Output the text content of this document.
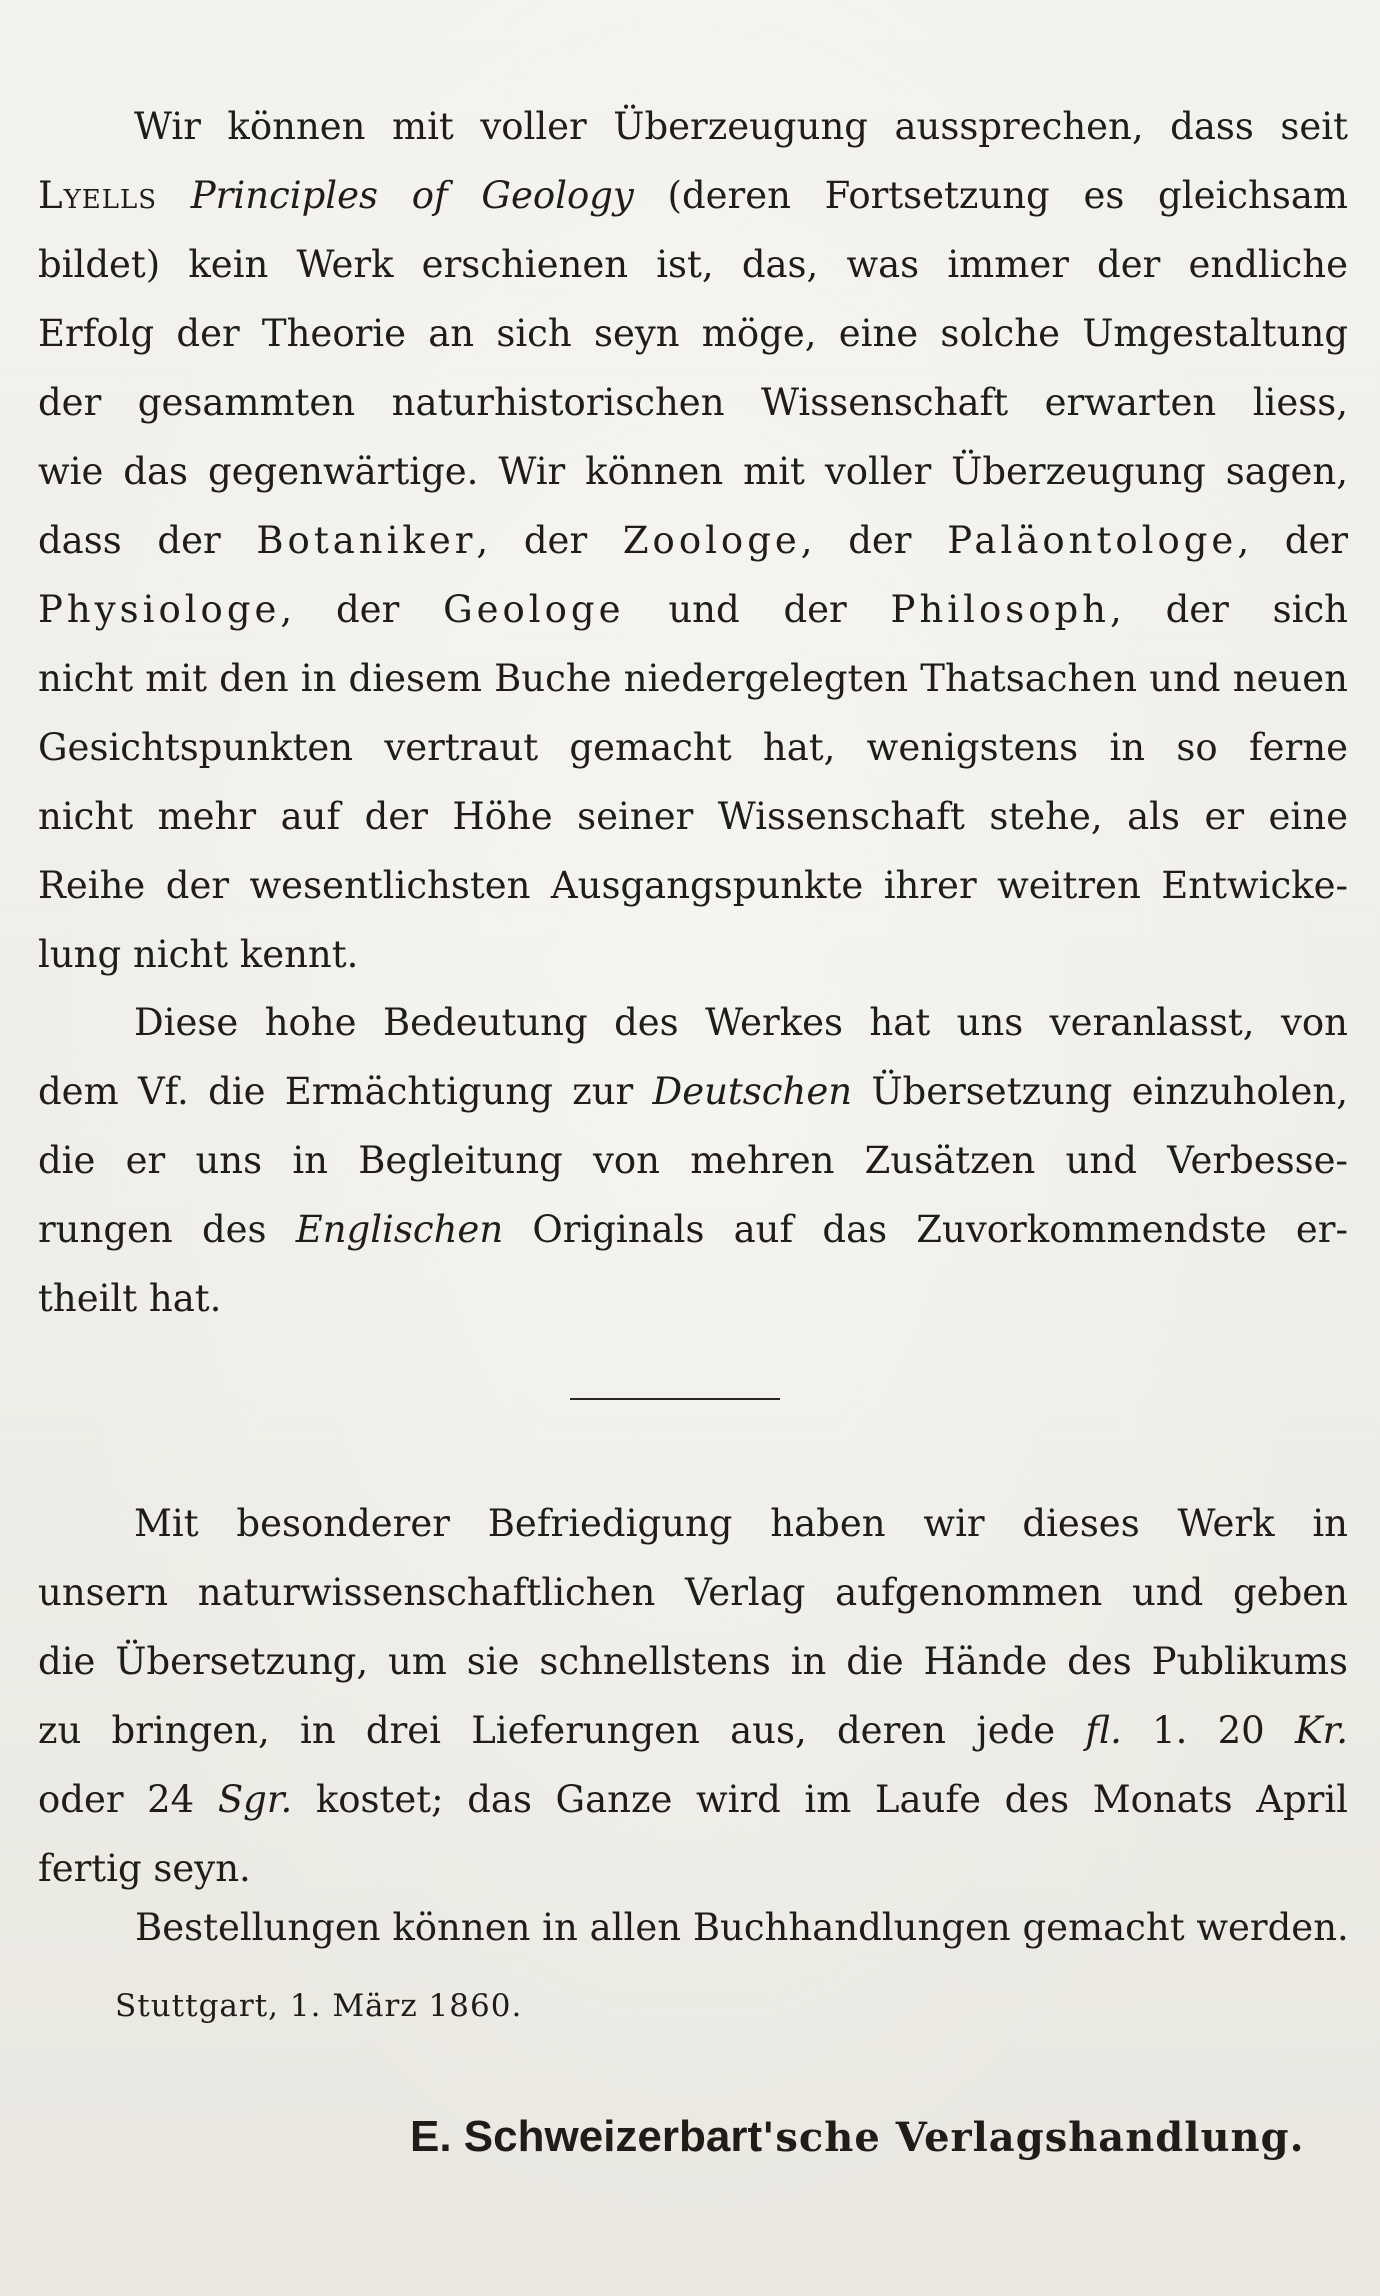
Wir können mit voller Überzeugung aussprechen, dass seit
Lyells Principles of Geology (deren Fortsetzung es gleichsam
bildet) kein Werk erschienen ist, das, was immer der endliche
Erfolg der Theorie an sich seyn möge, eine solche Umgestaltung
der gesammten naturhistorischen Wissenschaft erwarten liess,
wie das gegenwärtige. Wir können mit voller Überzeugung sagen,
dass der Botaniker, der Zoologe, der Paläontologe, der
Physiologe, der Geologe und der Philosoph, der sich
nicht mit den in diesem Buche niedergelegten Thatsachen und neuen
Gesichtspunkten vertraut gemacht hat, wenigstens in so ferne
nicht mehr auf der Höhe seiner Wissenschaft stehe, als er eine
Reihe der wesentlichsten Ausgangspunkte ihrer weitren Entwicke-
lung nicht kennt.
Diese hohe Bedeutung des Werkes hat uns veranlasst, von
dem Vf. die Ermächtigung zur Deutschen Übersetzung einzuholen,
die er uns in Begleitung von mehren Zusätzen und Verbesse-
rungen des Englischen Originals auf das Zuvorkommendste er-
theilt hat.
Mit besonderer Befriedigung haben wir dieses Werk in
unsern naturwissenschaftlichen Verlag aufgenommen und geben
die Übersetzung, um sie schnellstens in die Hände des Publikums
zu bringen, in drei Lieferungen aus, deren jede fl. 1. 20 Kr.
oder 24 Sgr. kostet; das Ganze wird im Laufe des Monats April
fertig seyn.
Bestellungen können in allen Buchhandlungen gemacht werden.
Stuttgart, 1. März 1860.
E. Schweizerbart'sche Verlagshandlung.
